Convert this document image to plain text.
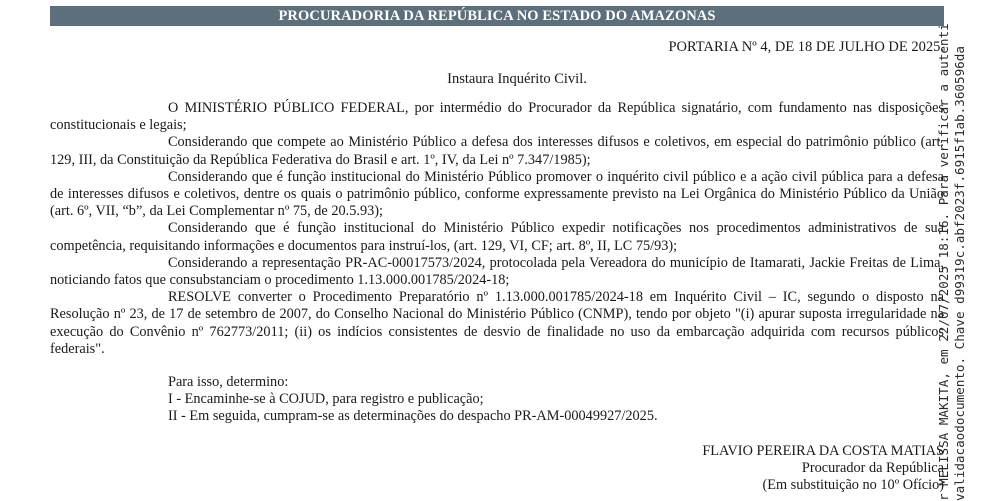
PROCURADORIA DA REPÚBLICA NO ESTADO DO AMAZONAS
PORTARIA Nº 4, DE 18 DE JULHO DE 2025.
Instaura Inquérito Civil.

O MINISTÉRIO PÚBLICO FEDERAL, por intermédio do Procurador da República signatário, com fundamento nas disposições constitucionais e legais;

Considerando que compete ao Ministério Público a defesa dos interesses difusos e coletivos, em especial do patrimônio público (art. 129, III, da Constituição da República Federativa do Brasil e art. 1º, IV, da Lei nº 7.347/1985);

Considerando que é função institucional do Ministério Público promover o inquérito civil público e a ação civil pública para a defesa de interesses difusos e coletivos, dentre os quais o patrimônio público, conforme expressamente previsto na Lei Orgânica do Ministério Público da União (art. 6º, VII, “b”, da Lei Complementar nº 75, de 20.5.93);

Considerando que é função institucional do Ministério Público expedir notificações nos procedimentos administrativos de sua competência, requisitando informações e documentos para instruí-los, (art. 129, VI, CF; art. 8º, II, LC 75/93);

Considerando a representação PR-AC-00017573/2024, protocolada pela Vereadora do município de Itamarati, Jackie Freitas de Lima, noticiando fatos que consubstanciam o procedimento 1.13.000.001785/2024-18;

RESOLVE converter o Procedimento Preparatório nº 1.13.000.001785/2024-18 em Inquérito Civil – IC, segundo o disposto na Resolução nº 23, de 17 de setembro de 2007, do Conselho Nacional do Ministério Público (CNMP), tendo por objeto "(i) apurar suposta irregularidade na execução do Convênio nº 762773/2011; (ii) os indícios consistentes de desvio de finalidade no uso da embarcação adquirida com recursos públicos federais".

Para isso, determino:
I - Encaminhe-se à COJUD, para registro e publicação;
II - Em seguida, cumpram-se as determinações do despacho PR-AM-00049927/2025.
FLAVIO PEREIRA DA COSTA MATIAS
Procurador da República
(Em substituição no 10º Ofício)
r MELISSA MAKITA, em 22/07/2025 18:16. Para verificar a autenti validacaodocumento. Chave d99319c.abf2023f.6915f1ab.360596da
